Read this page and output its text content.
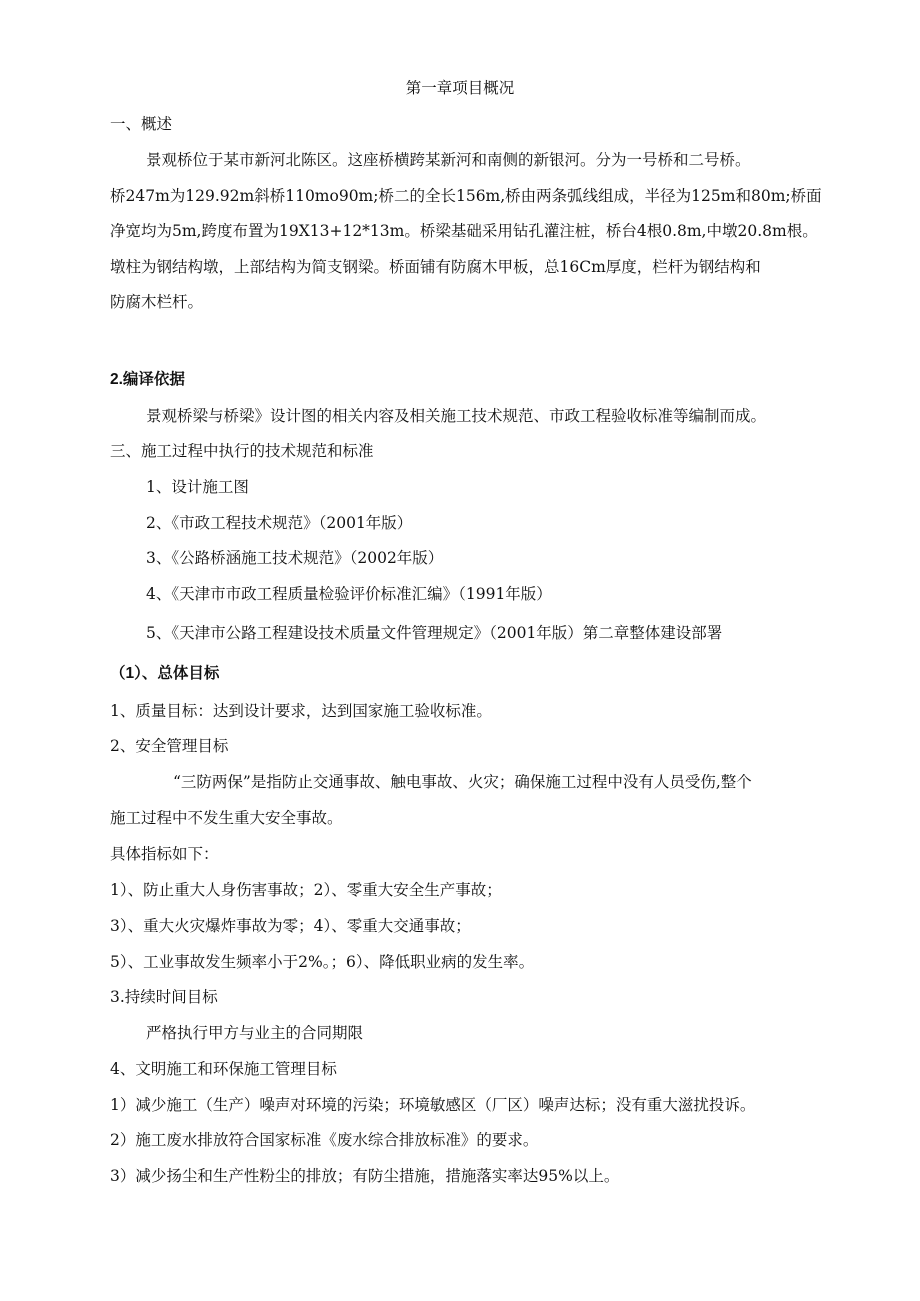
第一章项目概况
一、概述
景观桥位于某市新河北陈区。这座桥横跨某新河和南侧的新银河。分为一号桥和二号桥。
桥247m为129.92m斜桥110mo90m;桥二的全长156m,桥由两条弧线组成，半径为125m和80m;桥面
净宽均为5m,跨度布置为19X13+12*13m。桥梁基础采用钻孔灌注桩，桥台4根0.8m,中墩20.8m根。
墩柱为钢结构墩，上部结构为简支钢梁。桥面铺有防腐木甲板，总16Cm厚度，栏杆为钢结构和
防腐木栏杆。
2.编译依据
景观桥梁与桥梁》设计图的相关内容及相关施工技术规范、市政工程验收标准等编制而成。
三、施工过程中执行的技术规范和标准
1、设计施工图
2、《市政工程技术规范》（2001年版）
3、《公路桥涵施工技术规范》（2002年版）
4、《天津市市政工程质量检验评价标准汇编》（1991年版）
5、《天津市公路工程建设技术质量文件管理规定》（2001年版）第二章整体建设部署
（1）、总体目标
1、质量目标：达到设计要求，达到国家施工验收标准。
2、安全管理目标
“三防两保”是指防止交通事故、触电事故、火灾；确保施工过程中没有人员受伤,整个
施工过程中不发生重大安全事故。
具体指标如下：
1）、防止重大人身伤害事故；2）、零重大安全生产事故；
3）、重大火灾爆炸事故为零；4）、零重大交通事故；
5）、工业事故发生频率小于2%。；6）、降低职业病的发生率。
3.持续时间目标
严格执行甲方与业主的合同期限
4、文明施工和环保施工管理目标
1）减少施工（生产）噪声对环境的污染；环境敏感区（厂区）噪声达标；没有重大滋扰投诉。
2）施工废水排放符合国家标准《废水综合排放标准》的要求。
3）减少扬尘和生产性粉尘的排放；有防尘措施，措施落实率达95%以上。
